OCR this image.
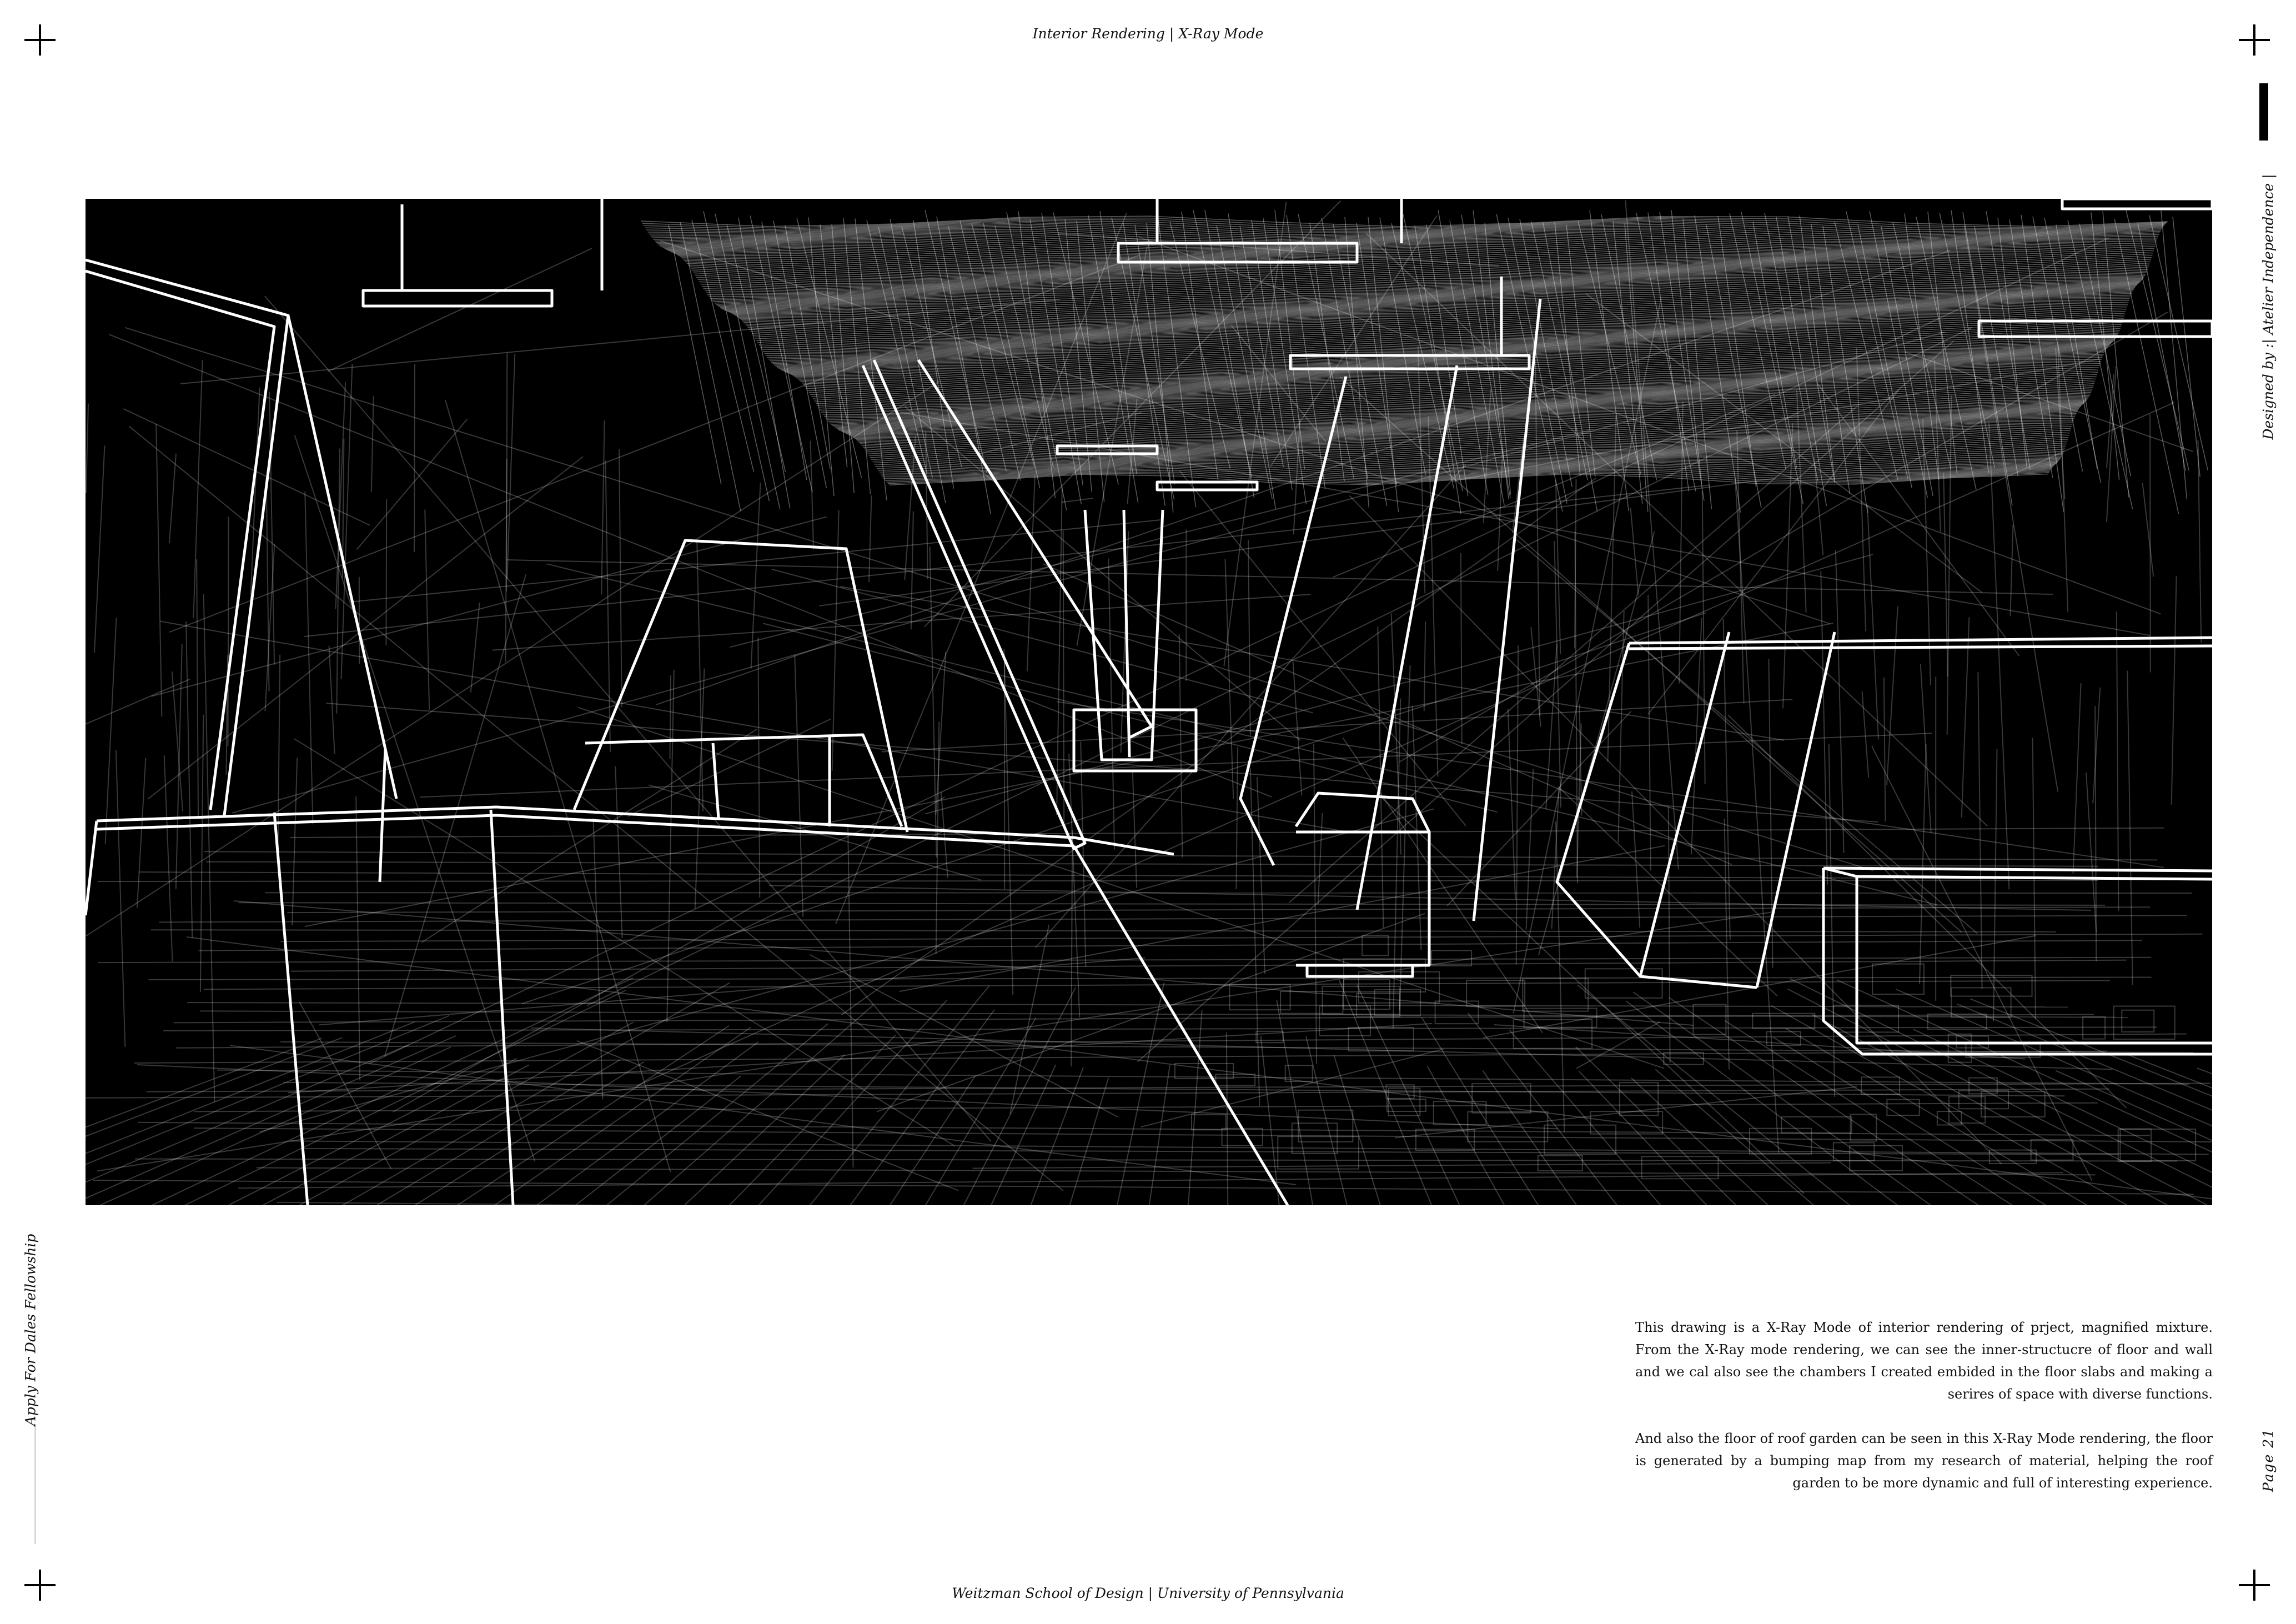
Interior Rendering | X-Ray Mode
Designed by :| Atelier Independence |
Apply For Dales Fellowship
Page 21

This drawing is a X-Ray Mode of interior rendering of prject, magnified mixture. From the X-Ray mode rendering, we can see the inner-structucre of floor and wall and we cal also see the chambers I created embided in the floor slabs and making a serires of space with diverse functions.

And also the floor of roof garden can be seen in this X-Ray Mode rendering, the floor is generated by a bumping map from my research of material, helping the roof garden to be more dynamic and full of interesting experience.

Weitzman School of Design | University of Pennsylvania
